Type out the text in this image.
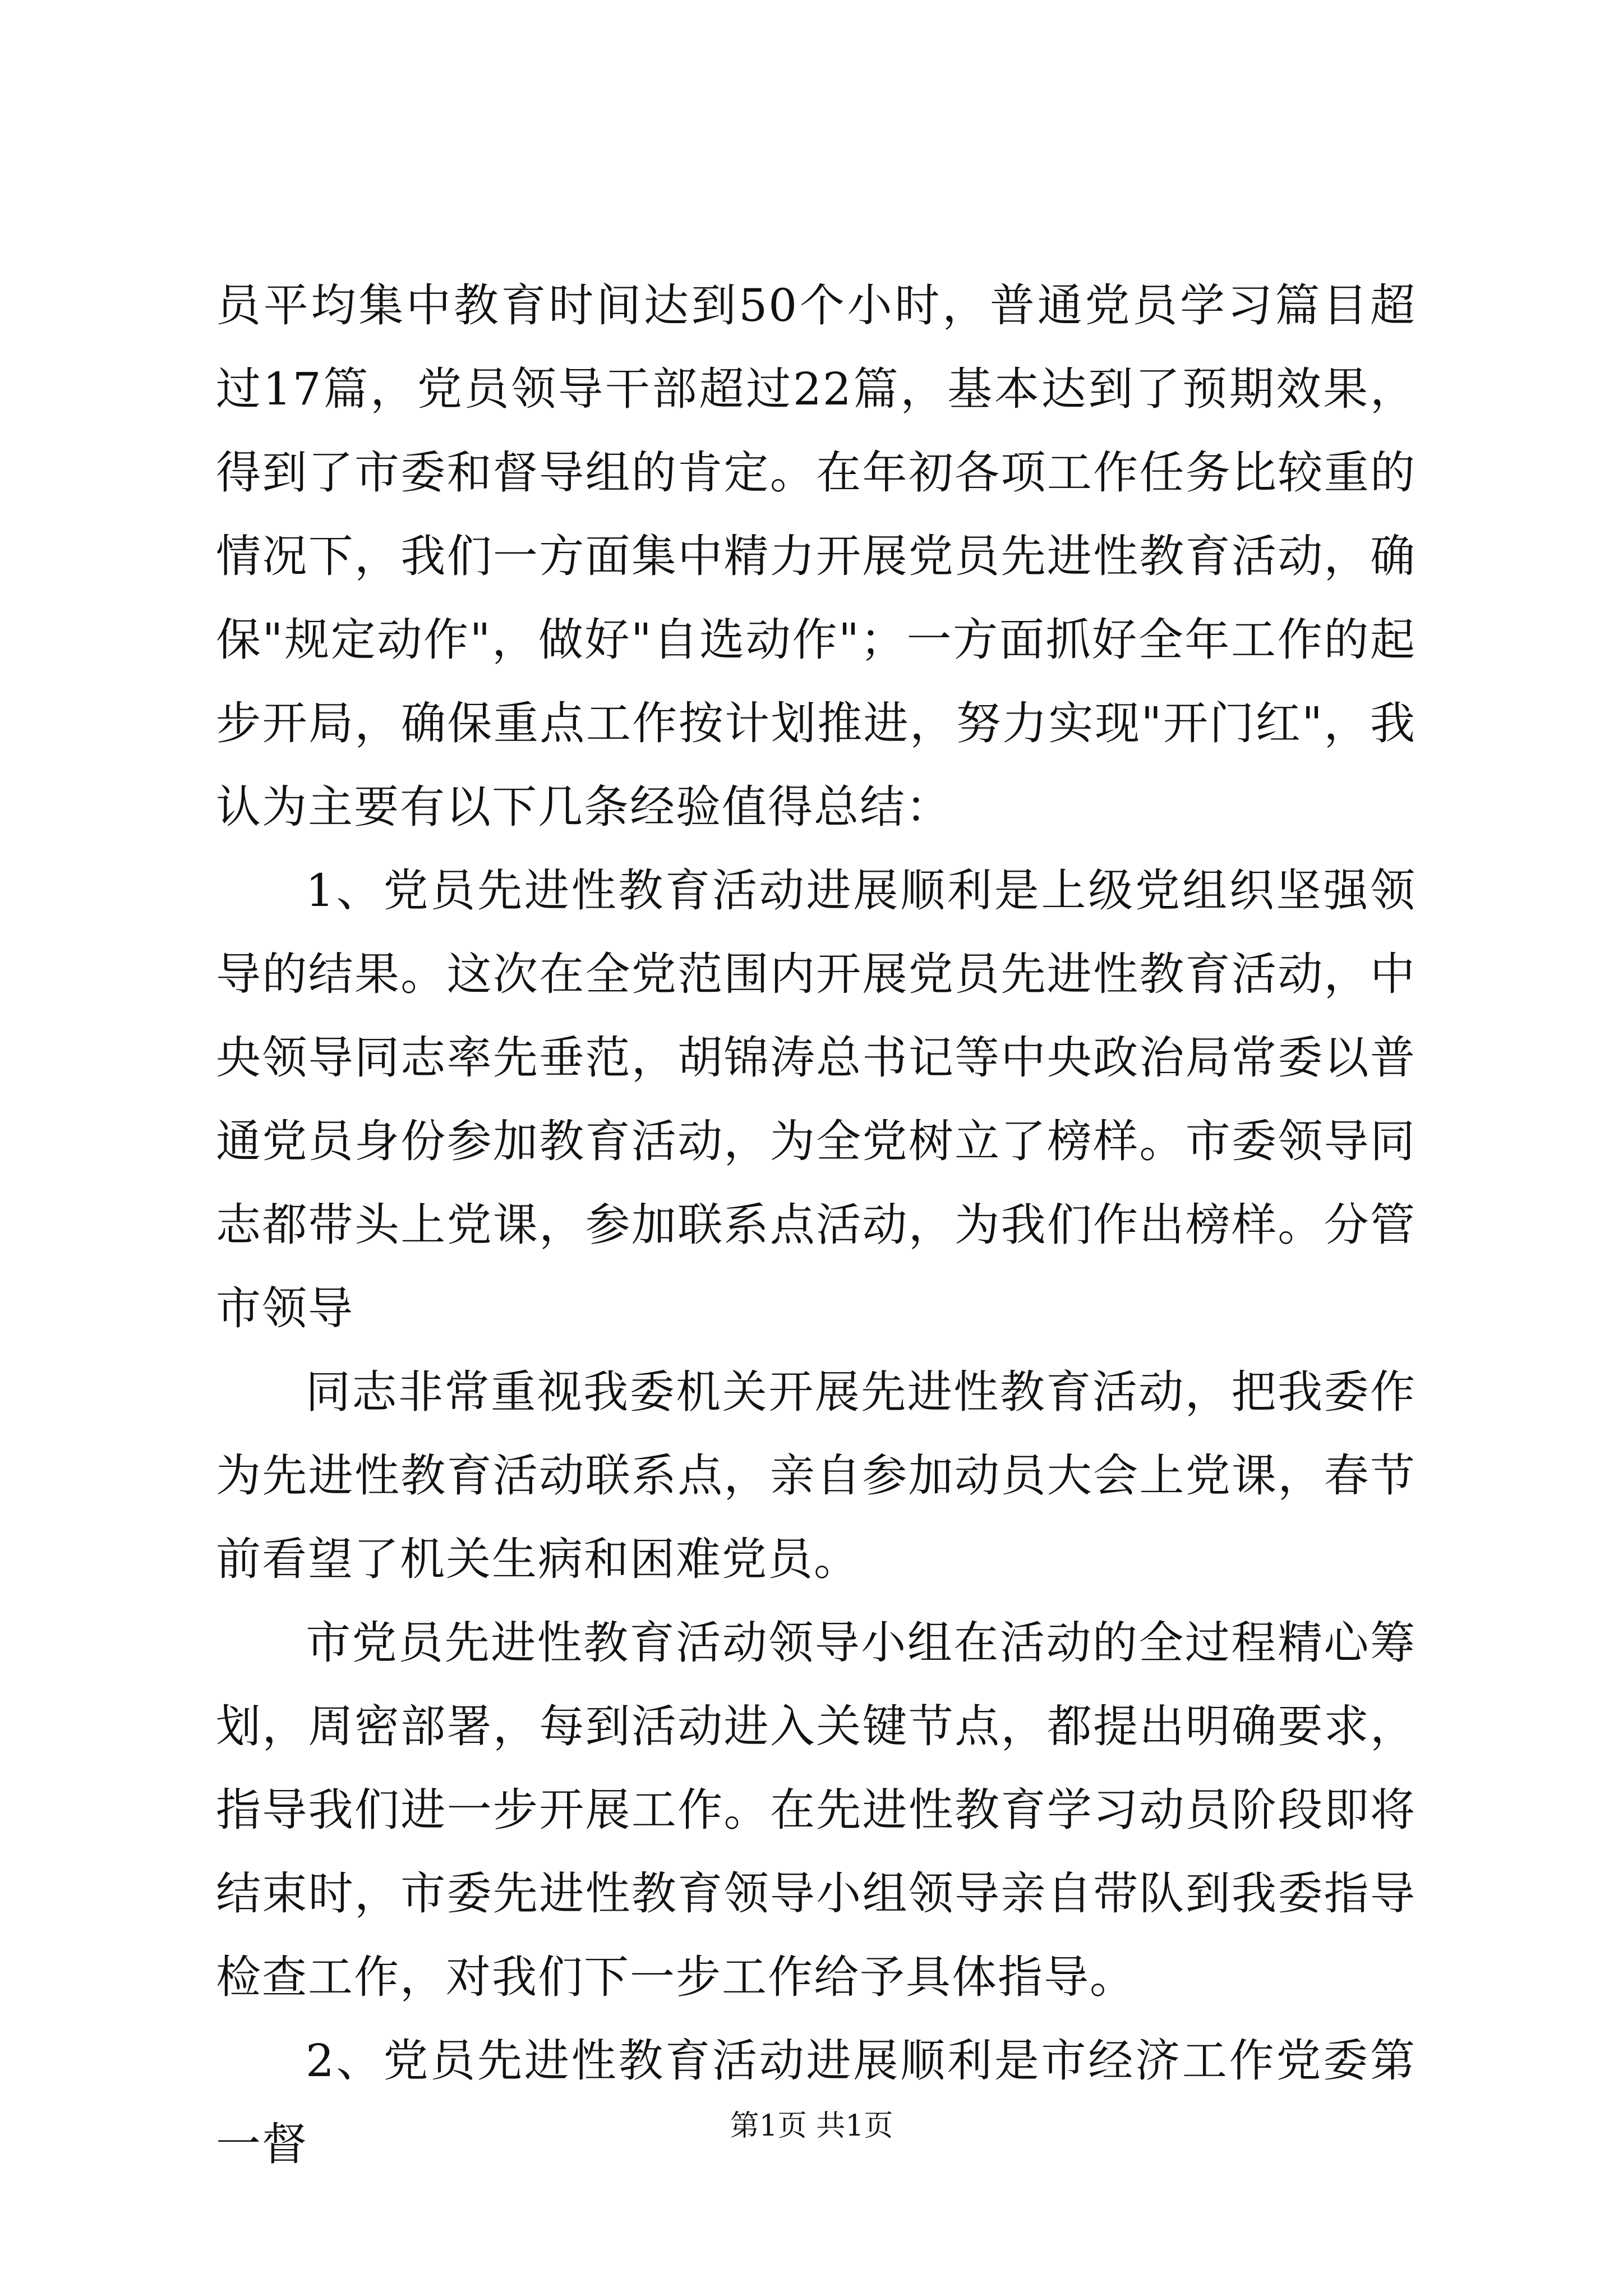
员平均集中教育时间达到50个小时，普通党员学习篇目超过17篇，党员领导干部超过22篇，基本达到了预期效果，得到了市委和督导组的肯定。在年初各项工作任务比较重的情况下，我们一方面集中精力开展党员先进性教育活动，确保"规定动作"，做好"自选动作"；一方面抓好全年工作的起步开局，确保重点工作按计划推进，努力实现"开门红"，我认为主要有以下几条经验值得总结：

1、党员先进性教育活动进展顺利是上级党组织坚强领导的结果。这次在全党范围内开展党员先进性教育活动，中央领导同志率先垂范，胡锦涛总书记等中央政治局常委以普通党员身份参加教育活动，为全党树立了榜样。市委领导同志都带头上党课，参加联系点活动，为我们作出榜样。分管市领导

同志非常重视我委机关开展先进性教育活动，把我委作为先进性教育活动联系点，亲自参加动员大会上党课，春节前看望了机关生病和困难党员。

市党员先进性教育活动领导小组在活动的全过程精心筹划，周密部署，每到活动进入关键节点，都提出明确要求，指导我们进一步开展工作。在先进性教育学习动员阶段即将结束时，市委先进性教育领导小组领导亲自带队到我委指导检查工作，对我们下一步工作给予具体指导。

2、党员先进性教育活动进展顺利是市经济工作党委第一督	第1页 共1页
